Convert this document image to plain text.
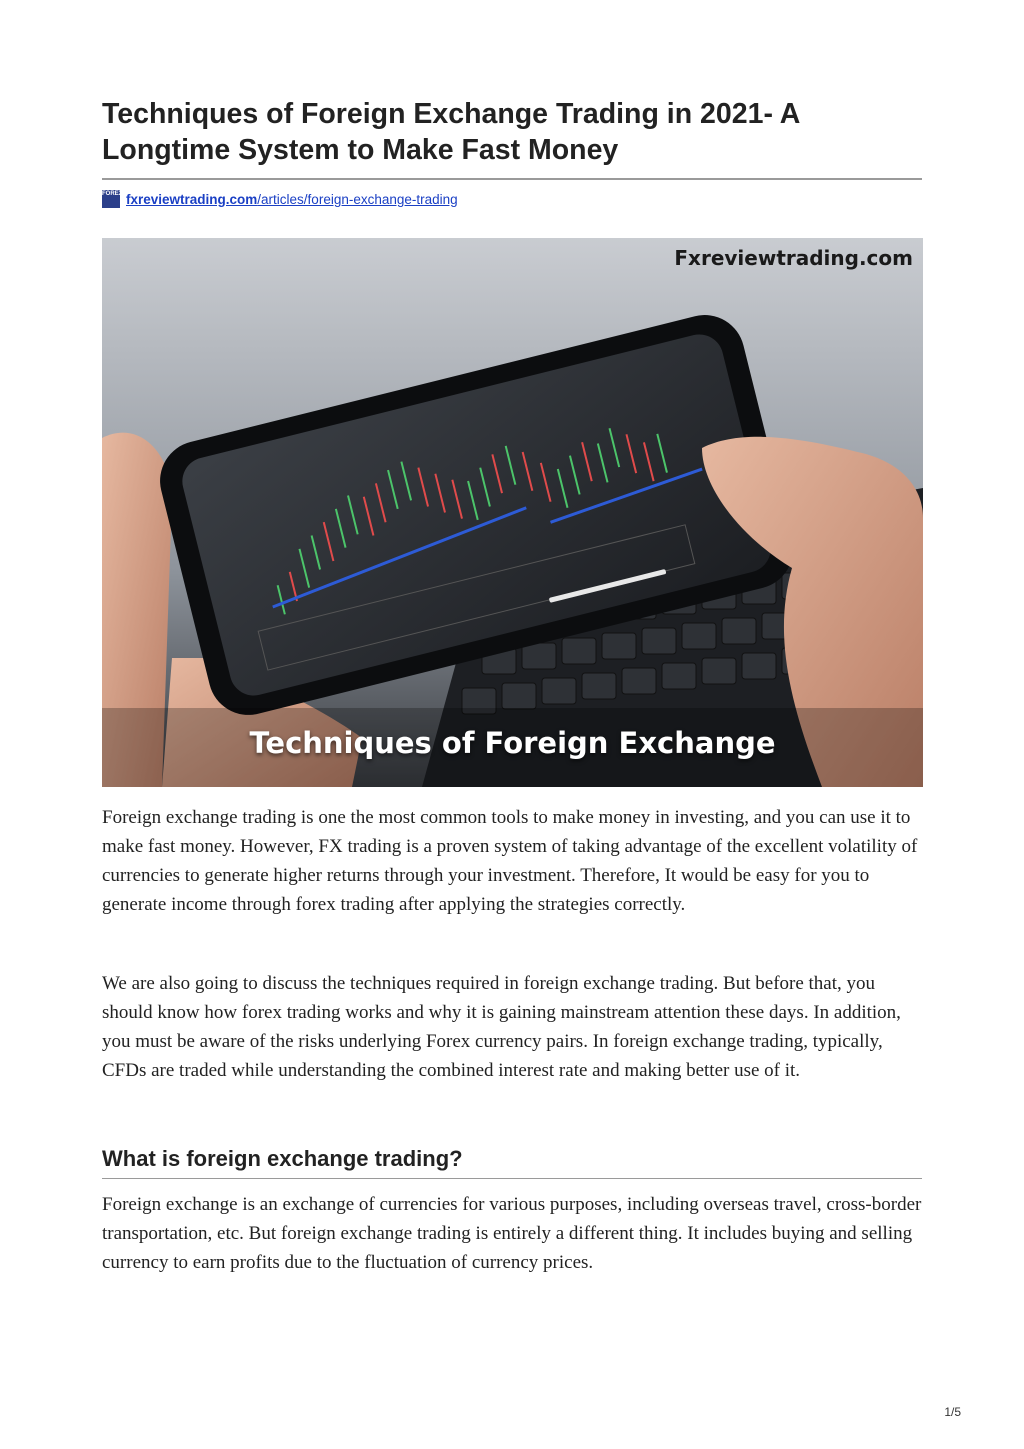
Techniques of Foreign Exchange Trading in 2021- A
Longtime System to Make Fast Money
FOREX fxreviewtrading.com/articles/foreign-exchange-trading
Fxreviewtrading.com
Techniques of Foreign Exchange

Foreign exchange trading is one the most common tools to make money in investing, and you can use it to make fast money. However, FX trading is a proven system of taking advantage of the excellent volatility of currencies to generate higher returns through your investment. Therefore, It would be easy for you to generate income through forex trading after applying the strategies correctly.

We are also going to discuss the techniques required in foreign exchange trading. But before that, you should know how forex trading works and why it is gaining mainstream attention these days. In addition, you must be aware of the risks underlying Forex currency pairs. In foreign exchange trading, typically, CFDs are traded while understanding the combined interest rate and making better use of it.

What is foreign exchange trading?

Foreign exchange is an exchange of currencies for various purposes, including overseas travel, cross-border transportation, etc. But foreign exchange trading is entirely a different thing. It includes buying and selling currency to earn profits due to the fluctuation of currency prices.

1/5
